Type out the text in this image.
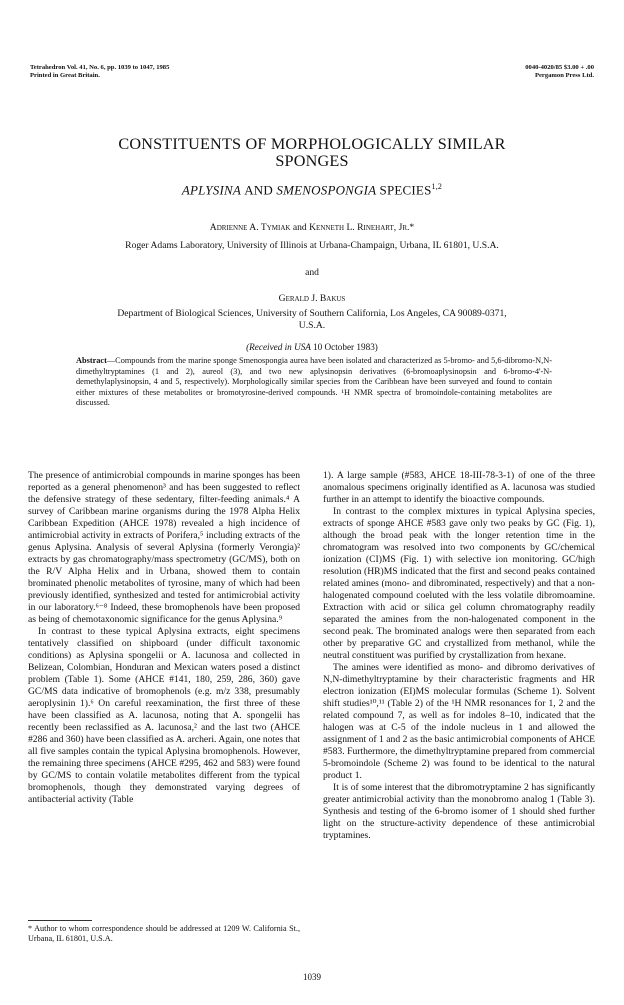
Tetrahedron Vol. 41, No. 6, pp. 1039 to 1047, 1985
Printed in Great Britain.
0040-4020/85 $3.00 + .00
Pergamon Press Ltd.
CONSTITUENTS OF MORPHOLOGICALLY SIMILAR
SPONGES
APLYSINA AND SMENOSPONGIA SPECIES$^{1,2}$
Adrienne A. Tymiak and Kenneth L. Rinehart, Jr.*
Roger Adams Laboratory, University of Illinois at Urbana-Champaign, Urbana, IL 61801, U.S.A.
and
Gerald J. Bakus
Department of Biological Sciences, University of Southern California, Los Angeles, CA 90089-0371,
U.S.A.
(Received in USA 10 October 1983)
Abstract—Compounds from the marine sponge Smenospongia aurea have been isolated and characterized as 5-bromo- and 5,6-dibromo-N,N-dimethyltryptamines (1 and 2), aureol (3), and two new aplysinopsin derivatives (6-bromoaplysinopsin and 6-bromo-4'-N-demethylaplysinopsin, 4 and 5, respectively). Morphologically similar species from the Caribbean have been surveyed and found to contain either mixtures of these metabolites or bromotyrosine-derived compounds. ¹H NMR spectra of bromoindole-containing metabolites are discussed.

The presence of antimicrobial compounds in marine sponges has been reported as a general phenomenon³ and has been suggested to reflect the defensive strategy of these sedentary, filter-feeding animals.⁴ A survey of Caribbean marine organisms during the 1978 Alpha Helix Caribbean Expedition (AHCE 1978) revealed a high incidence of antimicrobial activity in extracts of Porifera,⁵ including extracts of the genus Aplysina. Analysis of several Aplysina (formerly Verongia)² extracts by gas chromatography/mass spectrometry (GC/MS), both on the R/V Alpha Helix and in Urbana, showed them to contain brominated phenolic metabolites of tyrosine, many of which had been previously identified, synthesized and tested for antimicrobial activity in our laboratory.⁶⁻⁸ Indeed, these bromophenols have been proposed as being of chemotaxonomic significance for the genus Aplysina.⁹

In contrast to these typical Aplysina extracts, eight specimens tentatively classified on shipboard (under difficult taxonomic conditions) as Aplysina spongelii or A. lacunosa and collected in Belizean, Colombian, Honduran and Mexican waters posed a distinct problem (Table 1). Some (AHCE #141, 180, 259, 286, 360) gave GC/MS data indicative of bromophenols (e.g. m/z 338, presumably aeroplysinin 1).⁶ On careful reexamination, the first three of these have been classified as A. lacunosa, noting that A. spongelii has recently been reclassified as A. lacunosa,² and the last two (AHCE #286 and 360) have been classified as A. archeri. Again, one notes that all five samples contain the typical Aplysina bromophenols. However, the remaining three specimens (AHCE #295, 462 and 583) were found by GC/MS to contain volatile metabolites different from the typical bromophenols, though they demonstrated varying degrees of antibacterial activity (Table

1). A large sample (#583, AHCE 18-III-78-3-1) of one of the three anomalous specimens originally identified as A. lacunosa was studied further in an attempt to identify the bioactive compounds.

In contrast to the complex mixtures in typical Aplysina species, extracts of sponge AHCE #583 gave only two peaks by GC (Fig. 1), although the broad peak with the longer retention time in the chromatogram was resolved into two components by GC/chemical ionization (CI)MS (Fig. 1) with selective ion monitoring. GC/high resolution (HR)MS indicated that the first and second peaks contained related amines (mono- and dibrominated, respectively) and that a non-halogenated compound coeluted with the less volatile dibromoamine. Extraction with acid or silica gel column chromatography readily separated the amines from the non-halogenated component in the second peak. The brominated analogs were then separated from each other by preparative GC and crystallized from methanol, while the neutral constituent was purified by crystallization from hexane.

The amines were identified as mono- and dibromo derivatives of N,N-dimethyltryptamine by their characteristic fragments and HR electron ionization (EI)MS molecular formulas (Scheme 1). Solvent shift studies¹⁰,¹¹ (Table 2) of the ¹H NMR resonances for 1, 2 and the related compound 7, as well as for indoles 8–10, indicated that the halogen was at C-5 of the indole nucleus in 1 and allowed the assignment of 1 and 2 as the basic antimicrobial components of AHCE #583. Furthermore, the dimethyltryptamine prepared from commercial 5-bromoindole (Scheme 2) was found to be identical to the natural product 1.

It is of some interest that the dibromotryptamine 2 has significantly greater antimicrobial activity than the monobromo analog 1 (Table 3). Synthesis and testing of the 6-bromo isomer of 1 should shed further light on the structure-activity dependence of these antimicrobial tryptamines.

* Author to whom correspondence should be addressed at 1209 W. California St., Urbana, IL 61801, U.S.A.
1039
